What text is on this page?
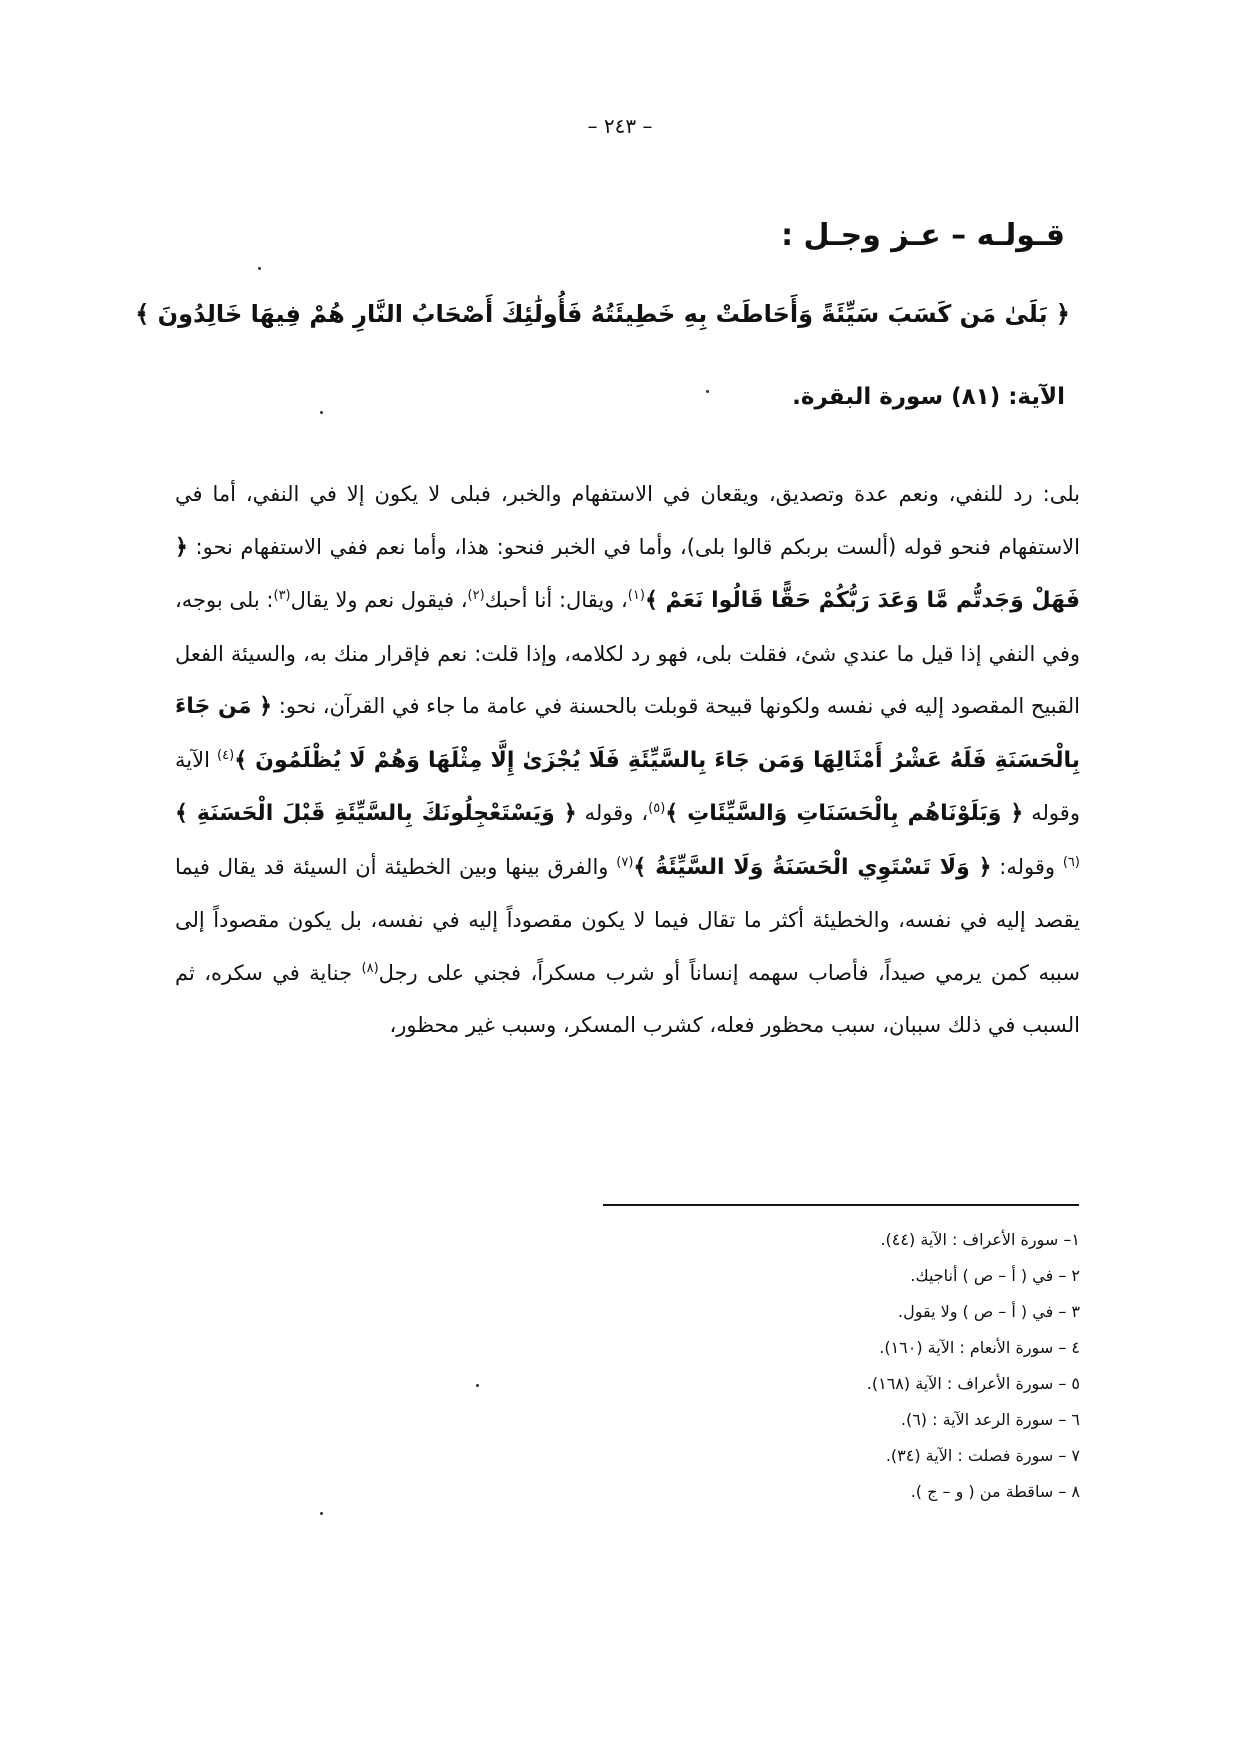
– ٢٤٣ –
قـولـه – عـز وجـل :
﴿ بَلَىٰ مَن كَسَبَ سَيِّئَةً وَأَحَاطَتْ بِهِ خَطِيئَتُهُ فَأُولَٰئِكَ أَصْحَابُ النَّارِ هُمْ فِيهَا خَالِدُونَ ﴾
الآية: (٨١) سورة البقرة.
بلى: رد للنفي، ونعم عدة وتصديق، ويقعان في الاستفهام والخبر، فبلى لا يكون إلا في النفي، أما في الاستفهام فنحو قوله (ألست بربكم قالوا بلى)، وأما في الخبر فنحو: هذا، وأما نعم ففي الاستفهام نحو: ﴿ فَهَلْ وَجَدتُّم مَّا وَعَدَ رَبُّكُمْ حَقًّا قَالُوا نَعَمْ ﴾$^{(١)}$، ويقال: أنا أحبك$^{(٢)}$، فيقول نعم ولا يقال$^{(٣)}$: بلى بوجه، وفي النفي إذا قيل ما عندي شئ، فقلت بلى، فهو رد لكلامه، وإذا قلت: نعم فإقرار منك به، والسيئة الفعل القبيح المقصود إليه في نفسه ولكونها قبيحة قوبلت بالحسنة في عامة ما جاء في القرآن، نحو: ﴿ مَن جَاءَ بِالْحَسَنَةِ فَلَهُ عَشْرُ أَمْثَالِهَا وَمَن جَاءَ بِالسَّيِّئَةِ فَلَا يُجْزَىٰ إِلَّا مِثْلَهَا وَهُمْ لَا يُظْلَمُونَ ﴾$^{(٤)}$ الآية وقوله ﴿ وَبَلَوْنَاهُم بِالْحَسَنَاتِ وَالسَّيِّئَاتِ ﴾$^{(٥)}$، وقوله ﴿ وَيَسْتَعْجِلُونَكَ بِالسَّيِّئَةِ قَبْلَ الْحَسَنَةِ ﴾$^{(٦)}$ وقوله: ﴿ وَلَا تَسْتَوِي الْحَسَنَةُ وَلَا السَّيِّئَةُ ﴾$^{(٧)}$ والفرق بينها وبين الخطيئة أن السيئة قد يقال فيما يقصد إليه في نفسه، والخطيئة أكثر ما تقال فيما لا يكون مقصوداً إليه في نفسه، بل يكون مقصوداً إلى سببه كمن يرمي صيداً، فأصاب سهمه إنساناً أو شرب مسكراً، فجني على رجل$^{(٨)}$ جناية في سكره، ثم السبب في ذلك سببان، سبب محظور فعله، كشرب المسكر، وسبب غير محظور،
١– سورة الأعراف : الآية (٤٤).
٢ – في ( أ – ص ) أناجيك.
٣ – في ( أ – ص ) ولا يقول.
٤ – سورة الأنعام : الآية (١٦٠).
٥ – سورة الأعراف : الآية (١٦٨).
٦ – سورة الرعد الآية : (٦).
٧ – سورة فصلت : الآية (٣٤).
٨ – ساقطة من ( و – ج ).
